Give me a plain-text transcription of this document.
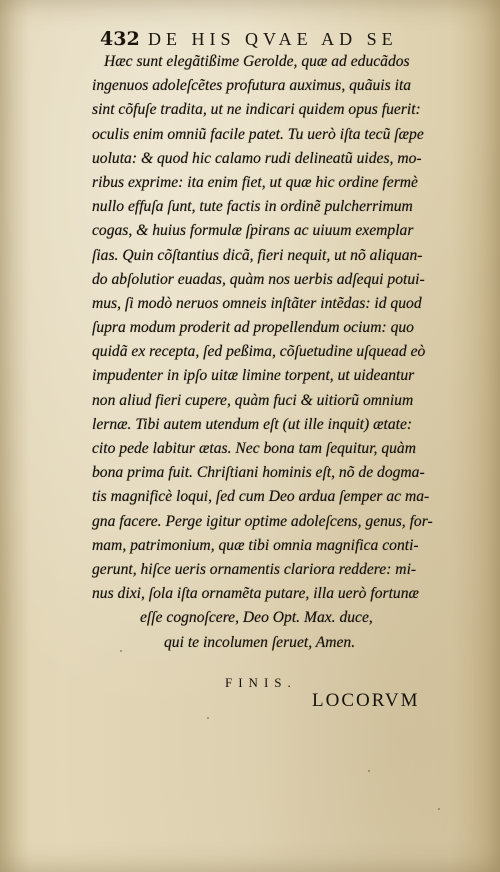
432 DE HIS QVAE AD SE
Hæc sunt elegãtißime Gerolde, quæ ad educãdos
ingenuos adoleſcẽtes profutura auximus, quãuis ita
sint cõfuſe tradita, ut ne indicari quidem opus fuerit:
oculis enim omniũ facile patet. Tu uerò iſta tecũ ſæpe
uoluta: & quod hic calamo rudi delineatũ uides, mo-
ribus exprime: ita enim fiet, ut quæ hic ordine fermè
nullo effuſa ſunt, tute factis in ordinẽ pulcherrimum
cogas, & huius formulæ ſpirans ac uiuum exemplar
ſias. Quin cõſtantius dicã, fieri nequit, ut nõ aliquan-
do abſolutior euadas, quàm nos uerbis adſequi potui-
mus, ſi modò neruos omneis inſtãter intẽdas: id quod
ſupra modum proderit ad propellendum ocium: quo
quidã ex recepta, ſed peßima, cõſuetudine uſquead eò
impudenter in ipſo uitæ limine torpent, ut uideantur
non aliud fieri cupere, quàm fuci & uitiorũ omnium
lernæ. Tibi autem utendum eſt (ut ille inquit) ætate:
cito pede labitur ætas. Nec bona tam ſequitur, quàm
bona prima fuit. Chriſtiani hominis eſt, nõ de dogma-
tis magnificè loqui, ſed cum Deo ardua ſemper ac ma-
gna facere. Perge igitur optime adoleſcens, genus, for-
mam, patrimonium, quæ tibi omnia magnifica conti-
gerunt, hiſce ueris ornamentis clariora reddere: mi-
nus dixi, ſola iſta ornamẽta putare, illa uerò fortunæ
eſſe cognoſcere, Deo Opt. Max. duce,
qui te incolumen ſeruet, Amen.
FINIS.
LOCORVM
